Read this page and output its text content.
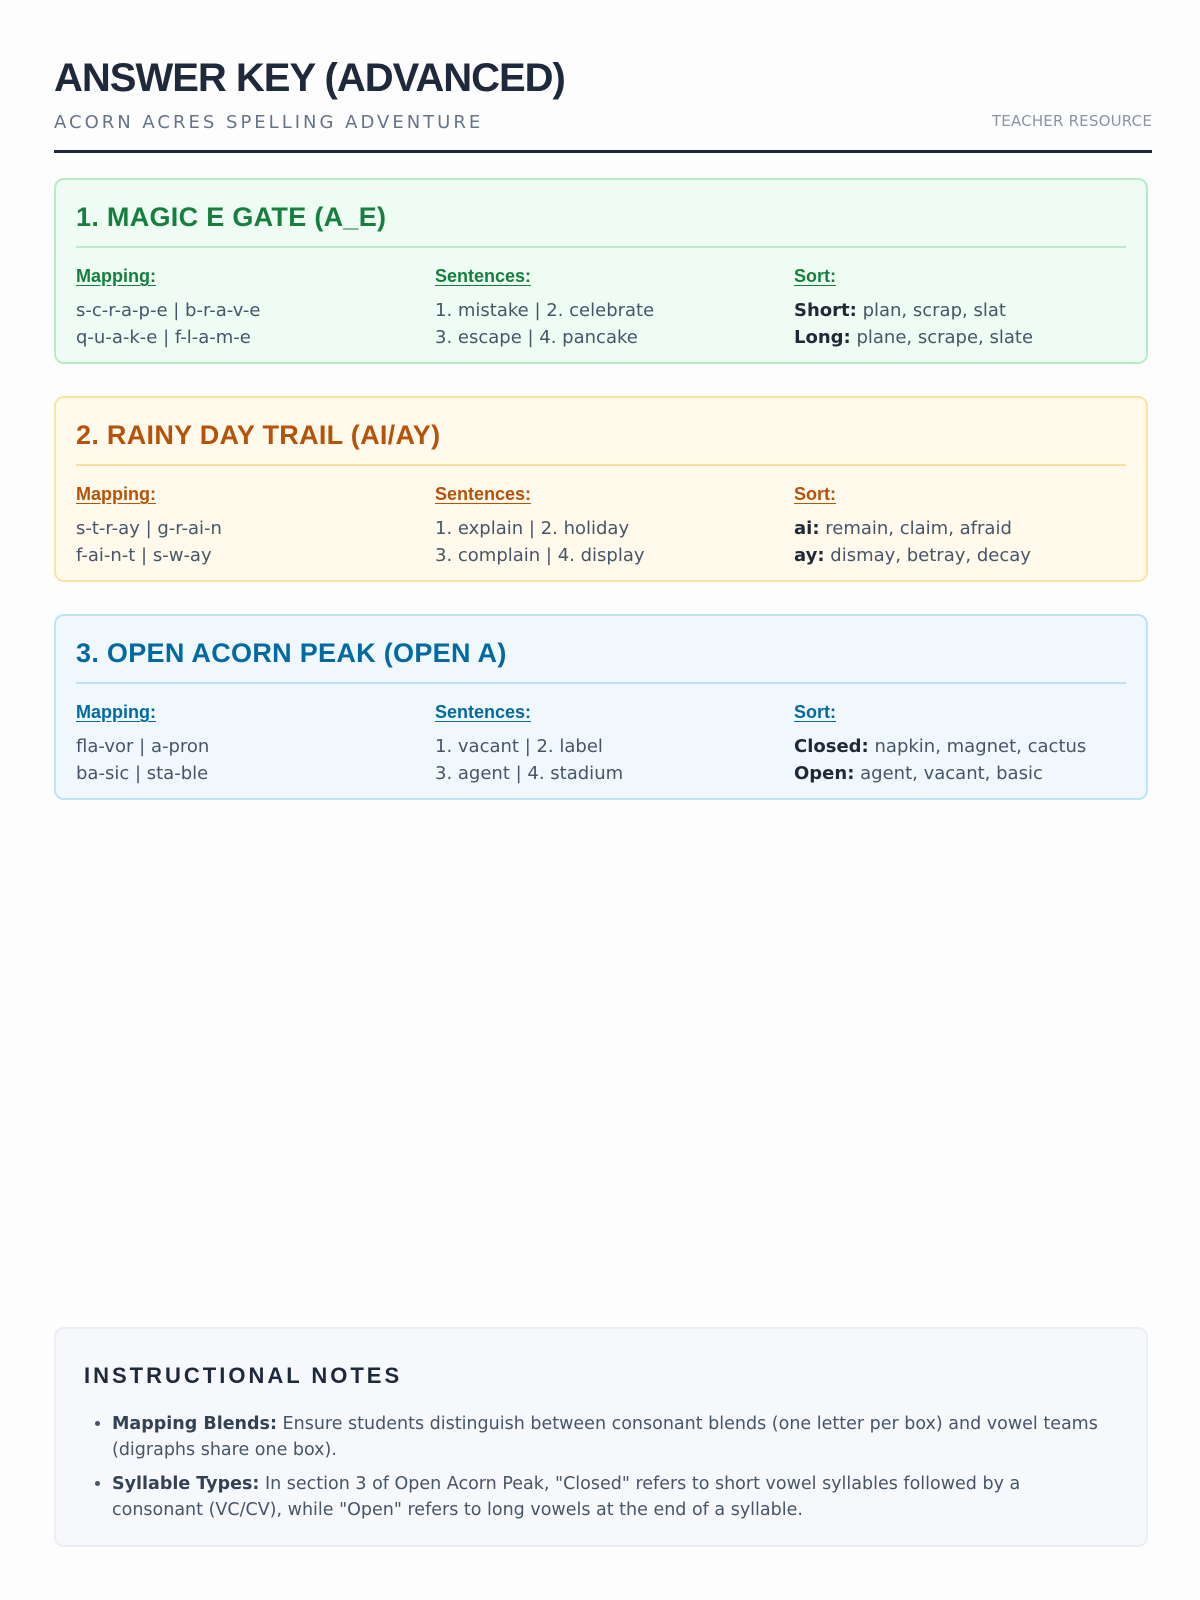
ANSWER KEY (ADVANCED)
ACORN ACRES SPELLING ADVENTURE	TEACHER RESOURCE
1. MAGIC E GATE (A_E)
Mapping:
s-c-r-a-p-e | b-r-a-v-e
q-u-a-k-e | f-l-a-m-e
Sentences:
1. mistake | 2. celebrate
3. escape | 4. pancake
Sort:
Short: plan, scrap, slat
Long: plane, scrape, slate
2. RAINY DAY TRAIL (AI/AY)
Mapping:
s-t-r-ay | g-r-ai-n
f-ai-n-t | s-w-ay
Sentences:
1. explain | 2. holiday
3. complain | 4. display
Sort:
ai: remain, claim, afraid
ay: dismay, betray, decay
3. OPEN ACORN PEAK (OPEN A)
Mapping:
fla-vor | a-pron
ba-sic | sta-ble
Sentences:
1. vacant | 2. label
3. agent | 4. stadium
Sort:
Closed: napkin, magnet, cactus
Open: agent, vacant, basic
INSTRUCTIONAL NOTES
• Mapping Blends: Ensure students distinguish between consonant blends (one letter per box) and vowel teams (digraphs share one box).
• Syllable Types: In section 3 of Open Acorn Peak, "Closed" refers to short vowel syllables followed by a consonant (VC/CV), while "Open" refers to long vowels at the end of a syllable.
